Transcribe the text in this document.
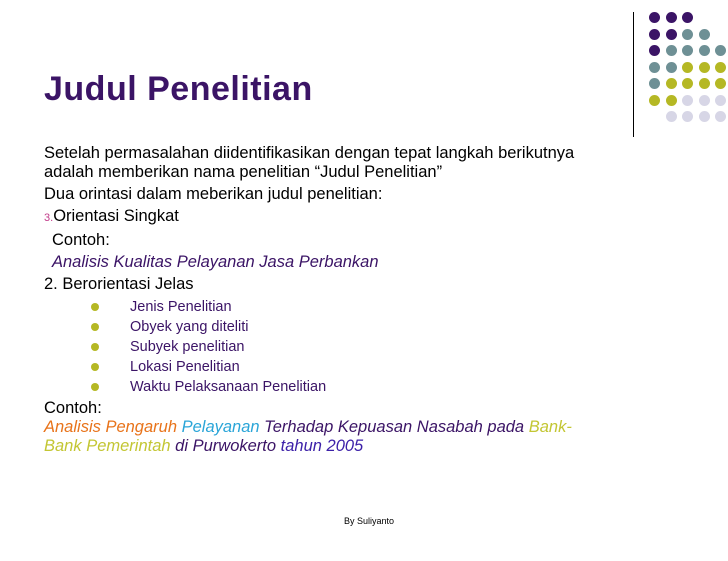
Judul Penelitian
Setelah permasalahan diidentifikasikan dengan tepat langkah berikutnya
adalah memberikan nama penelitian “Judul Penelitian”
Dua orintasi dalam meberikan judul penelitian:
3.Orientasi Singkat
Contoh:
Analisis Kualitas Pelayanan Jasa Perbankan
2. Berorientasi Jelas
Jenis Penelitian
Obyek yang diteliti
Subyek penelitian
Lokasi Penelitian
Waktu Pelaksanaan Penelitian
Contoh:
Analisis Pengaruh Pelayanan Terhadap Kepuasan Nasabah pada Bank-
Bank Pemerintah di Purwokerto tahun 2005
By Suliyanto
